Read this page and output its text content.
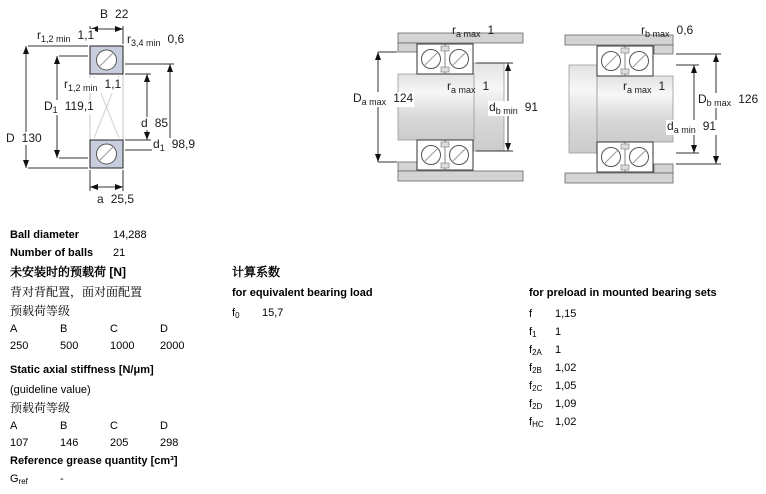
B 22
$r_{1,2 min}$ 1,1	$r_{3,4 min}$ 0,6
$r_{1,2 min}$ 1,1
$D_1$ 119,1
d 85
D 130	$d_1$ 98,9
a 25,5
$r_{a max}$ 1
$r_{a max}$ 1
$D_{a max}$ 124
$d_{b min}$ 91
$r_{b max}$ 0,6
$r_{a max}$ 1
$D_{b max}$ 126
$d_{a min}$ 91
Ball diameter	14,288
Number of balls 21
未安装时的预载荷 [N]
背对背配置，面对面配置
预载荷等级
A	B	C	D
250	500	1000	2000
Static axial stiffness [N/μm]
(guideline value)
预载荷等级
A	B	C	D
107	146	205	298
Reference grease quantity [cm³]
$G_{ref}$	-
计算系数
for equivalent bearing load
$f_0$ 15,7
for preload in mounted bearing sets
f 1,15
$f_1$ 1
$f_{2A}$ 1
$f_{2B}$ 1,02
$f_{2C}$ 1,05
$f_{2D}$ 1,09
$f_{HC}$ 1,02
